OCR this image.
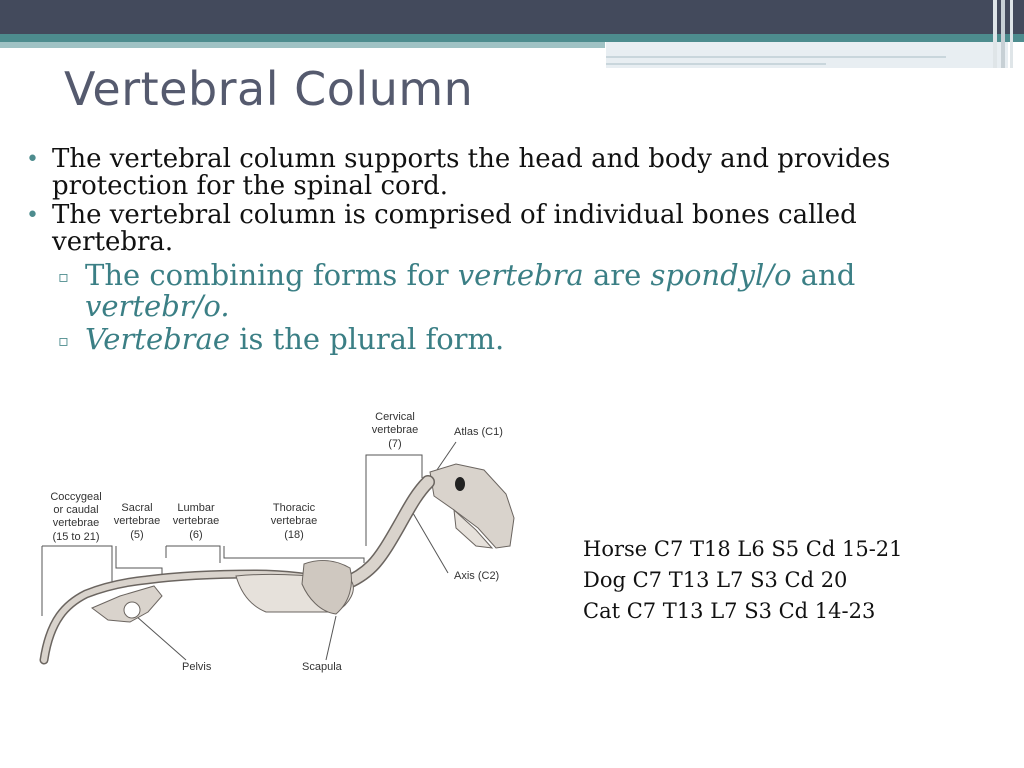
Vertebral Column
• The vertebral column supports the head and body and provides protection for the spinal cord.
• The vertebral column is comprised of individual bones called vertebra.
▫ The combining forms for vertebra are spondyl/o and vertebr/o.
▫ Vertebrae is the plural form.
Cervical
vertebrae
(7)
Coccygeal
or caudal
vertebrae
(15 to 21)
Sacral
vertebrae
(5)
Lumbar
vertebrae
(6)
Thoracic
vertebrae
(18)
Atlas (C1)
Axis (C2)
Pelvis	Scapula
Horse C7 T18 L6 S5 Cd 15-21
Dog C7 T13 L7 S3 Cd 20
Cat C7 T13 L7 S3 Cd 14-23
